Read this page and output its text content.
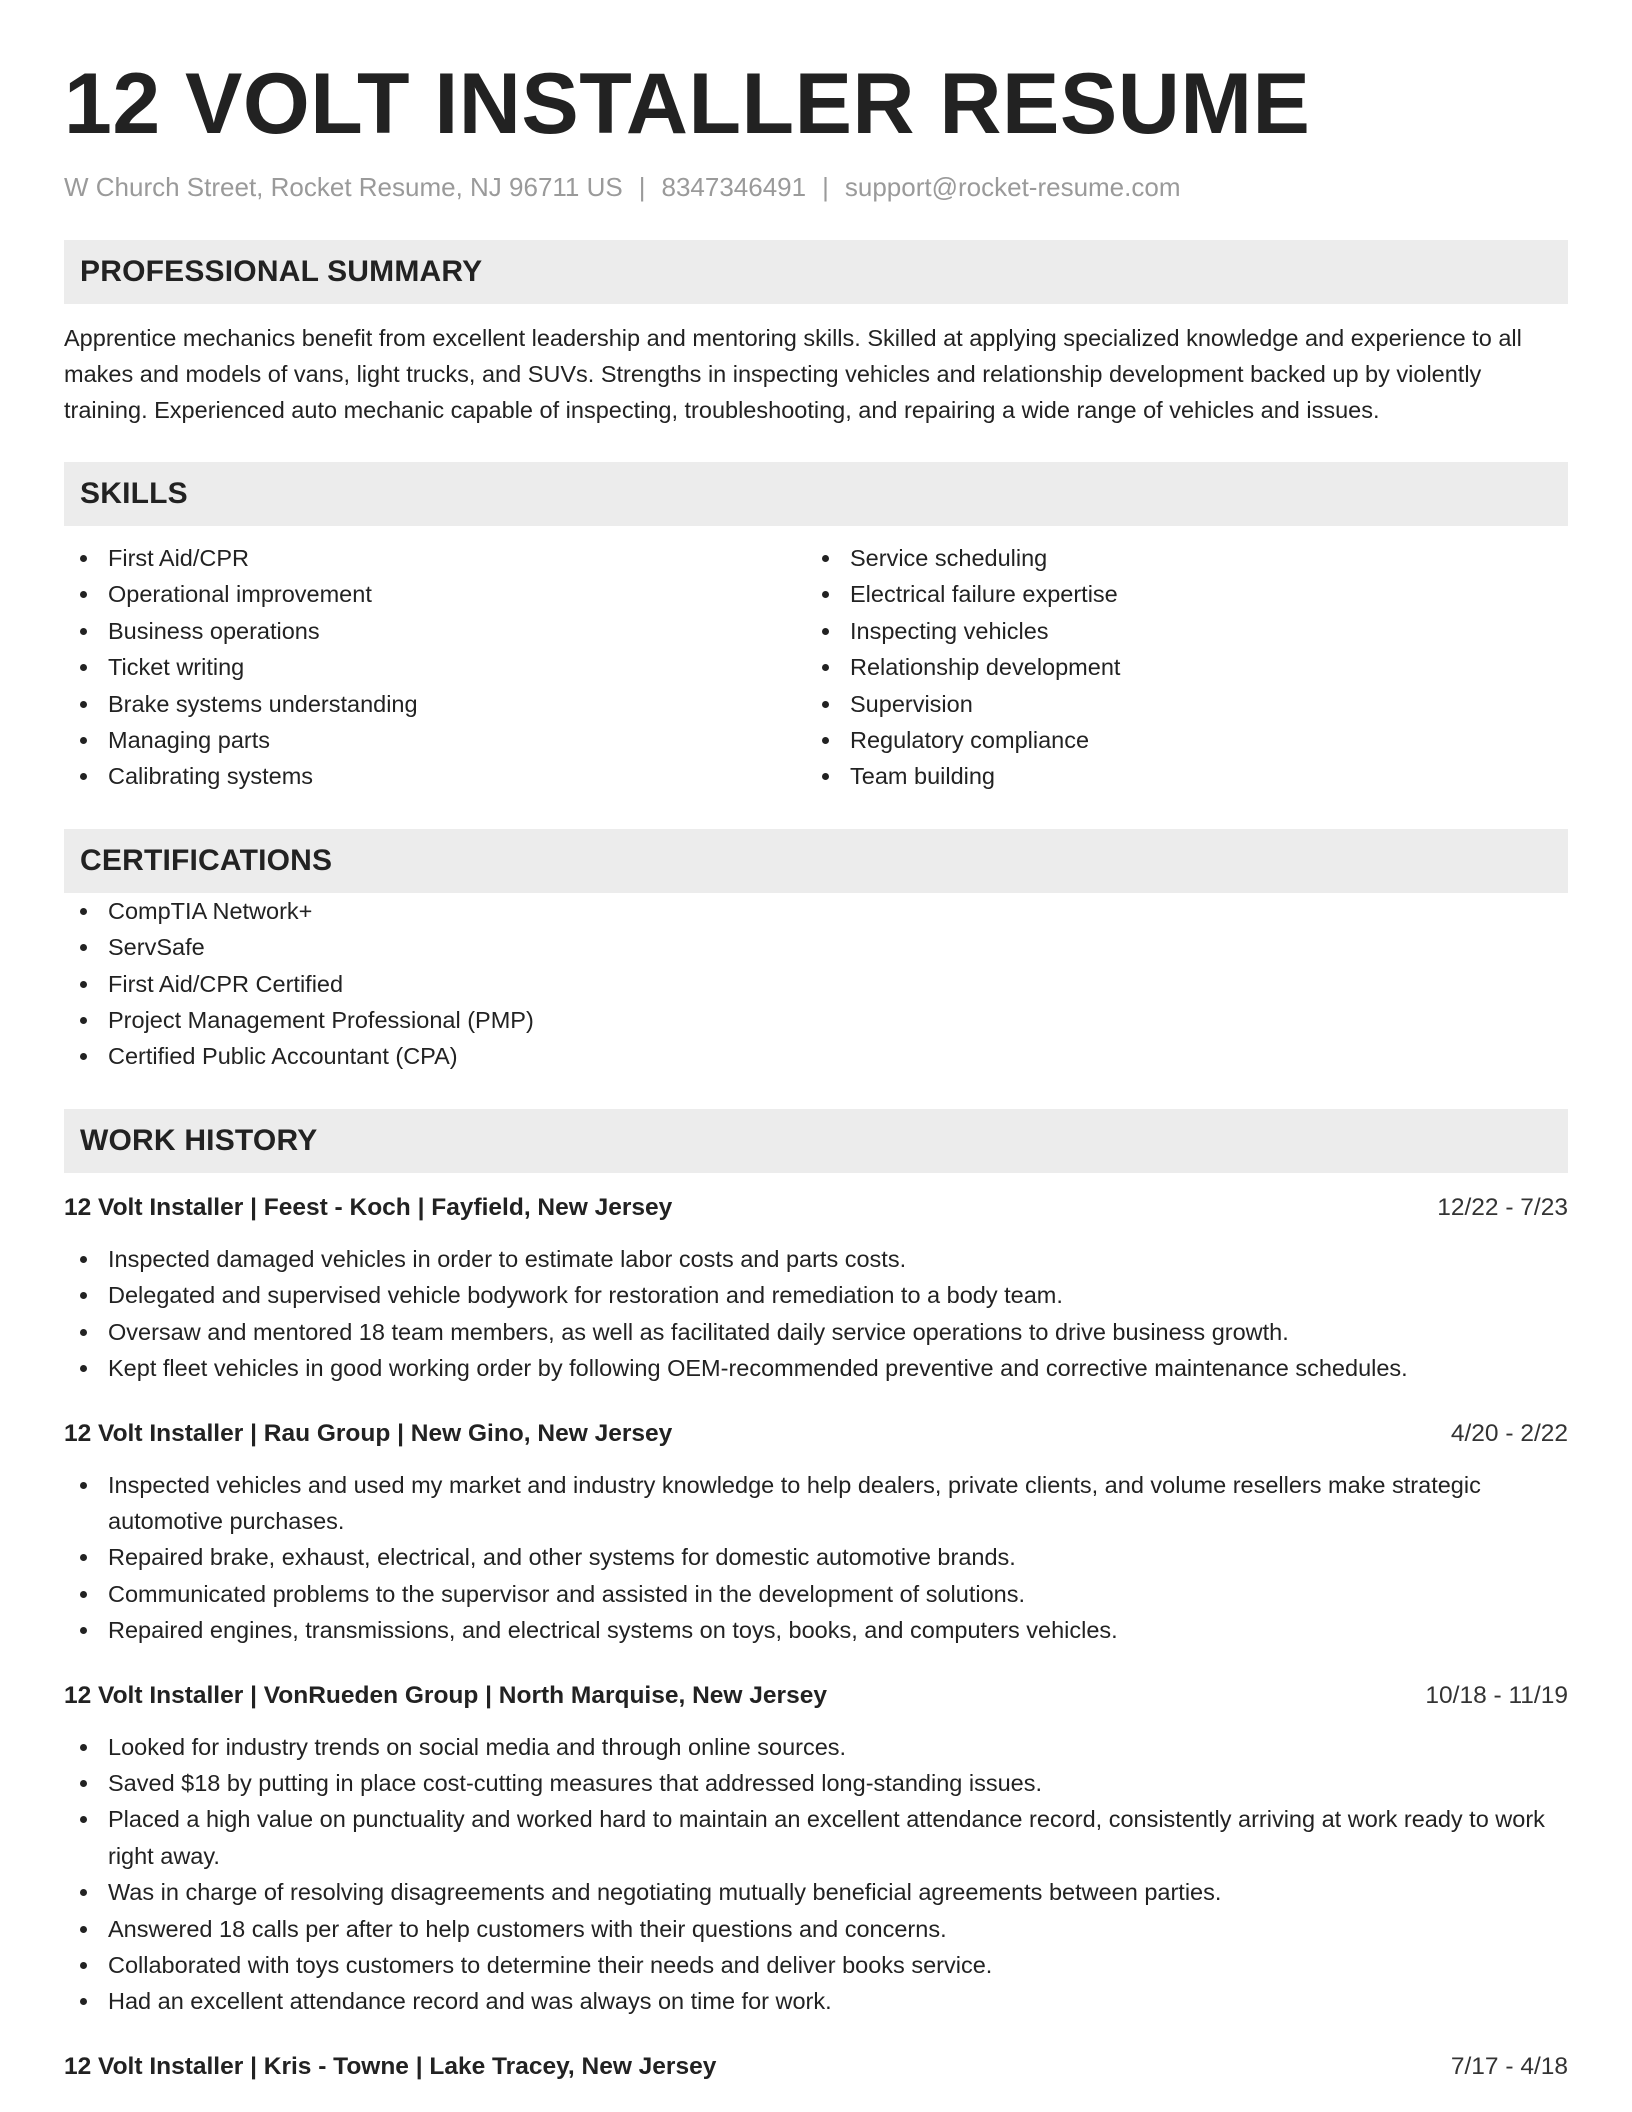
12 VOLT INSTALLER RESUME
W Church Street, Rocket Resume, NJ 96711 US | 8347346491 | support@rocket-resume.com
PROFESSIONAL SUMMARY

Apprentice mechanics benefit from excellent leadership and mentoring skills. Skilled at applying specialized knowledge and experience to all makes and models of vans, light trucks, and SUVs. Strengths in inspecting vehicles and relationship development backed up by violently training. Experienced auto mechanic capable of inspecting, troubleshooting, and repairing a wide range of vehicles and issues.

SKILLS
First Aid/CPR
Operational improvement
Business operations
Ticket writing
Brake systems understanding
Managing parts
Calibrating systems
Service scheduling
Electrical failure expertise
Inspecting vehicles
Relationship development
Supervision
Regulatory compliance
Team building
CERTIFICATIONS
CompTIA Network+
ServSafe
First Aid/CPR Certified
Project Management Professional (PMP)
Certified Public Accountant (CPA)
WORK HISTORY
12 Volt Installer | Feest - Koch | Fayfield, New Jersey	12/22 - 7/23
Inspected damaged vehicles in order to estimate labor costs and parts costs.
Delegated and supervised vehicle bodywork for restoration and remediation to a body team.
Oversaw and mentored 18 team members, as well as facilitated daily service operations to drive business growth.
Kept fleet vehicles in good working order by following OEM-recommended preventive and corrective maintenance schedules.
12 Volt Installer | Rau Group | New Gino, New Jersey	4/20 - 2/22
Inspected vehicles and used my market and industry knowledge to help dealers, private clients, and volume resellers make strategic automotive purchases.
Repaired brake, exhaust, electrical, and other systems for domestic automotive brands.
Communicated problems to the supervisor and assisted in the development of solutions.
Repaired engines, transmissions, and electrical systems on toys, books, and computers vehicles.
12 Volt Installer | VonRueden Group | North Marquise, New Jersey	10/18 - 11/19
Looked for industry trends on social media and through online sources.
Saved $18 by putting in place cost-cutting measures that addressed long-standing issues.
Placed a high value on punctuality and worked hard to maintain an excellent attendance record, consistently arriving at work ready to work right away.
Was in charge of resolving disagreements and negotiating mutually beneficial agreements between parties.
Answered 18 calls per after to help customers with their questions and concerns.
Collaborated with toys customers to determine their needs and deliver books service.
Had an excellent attendance record and was always on time for work.
12 Volt Installer | Kris - Towne | Lake Tracey, New Jersey	7/17 - 4/18
